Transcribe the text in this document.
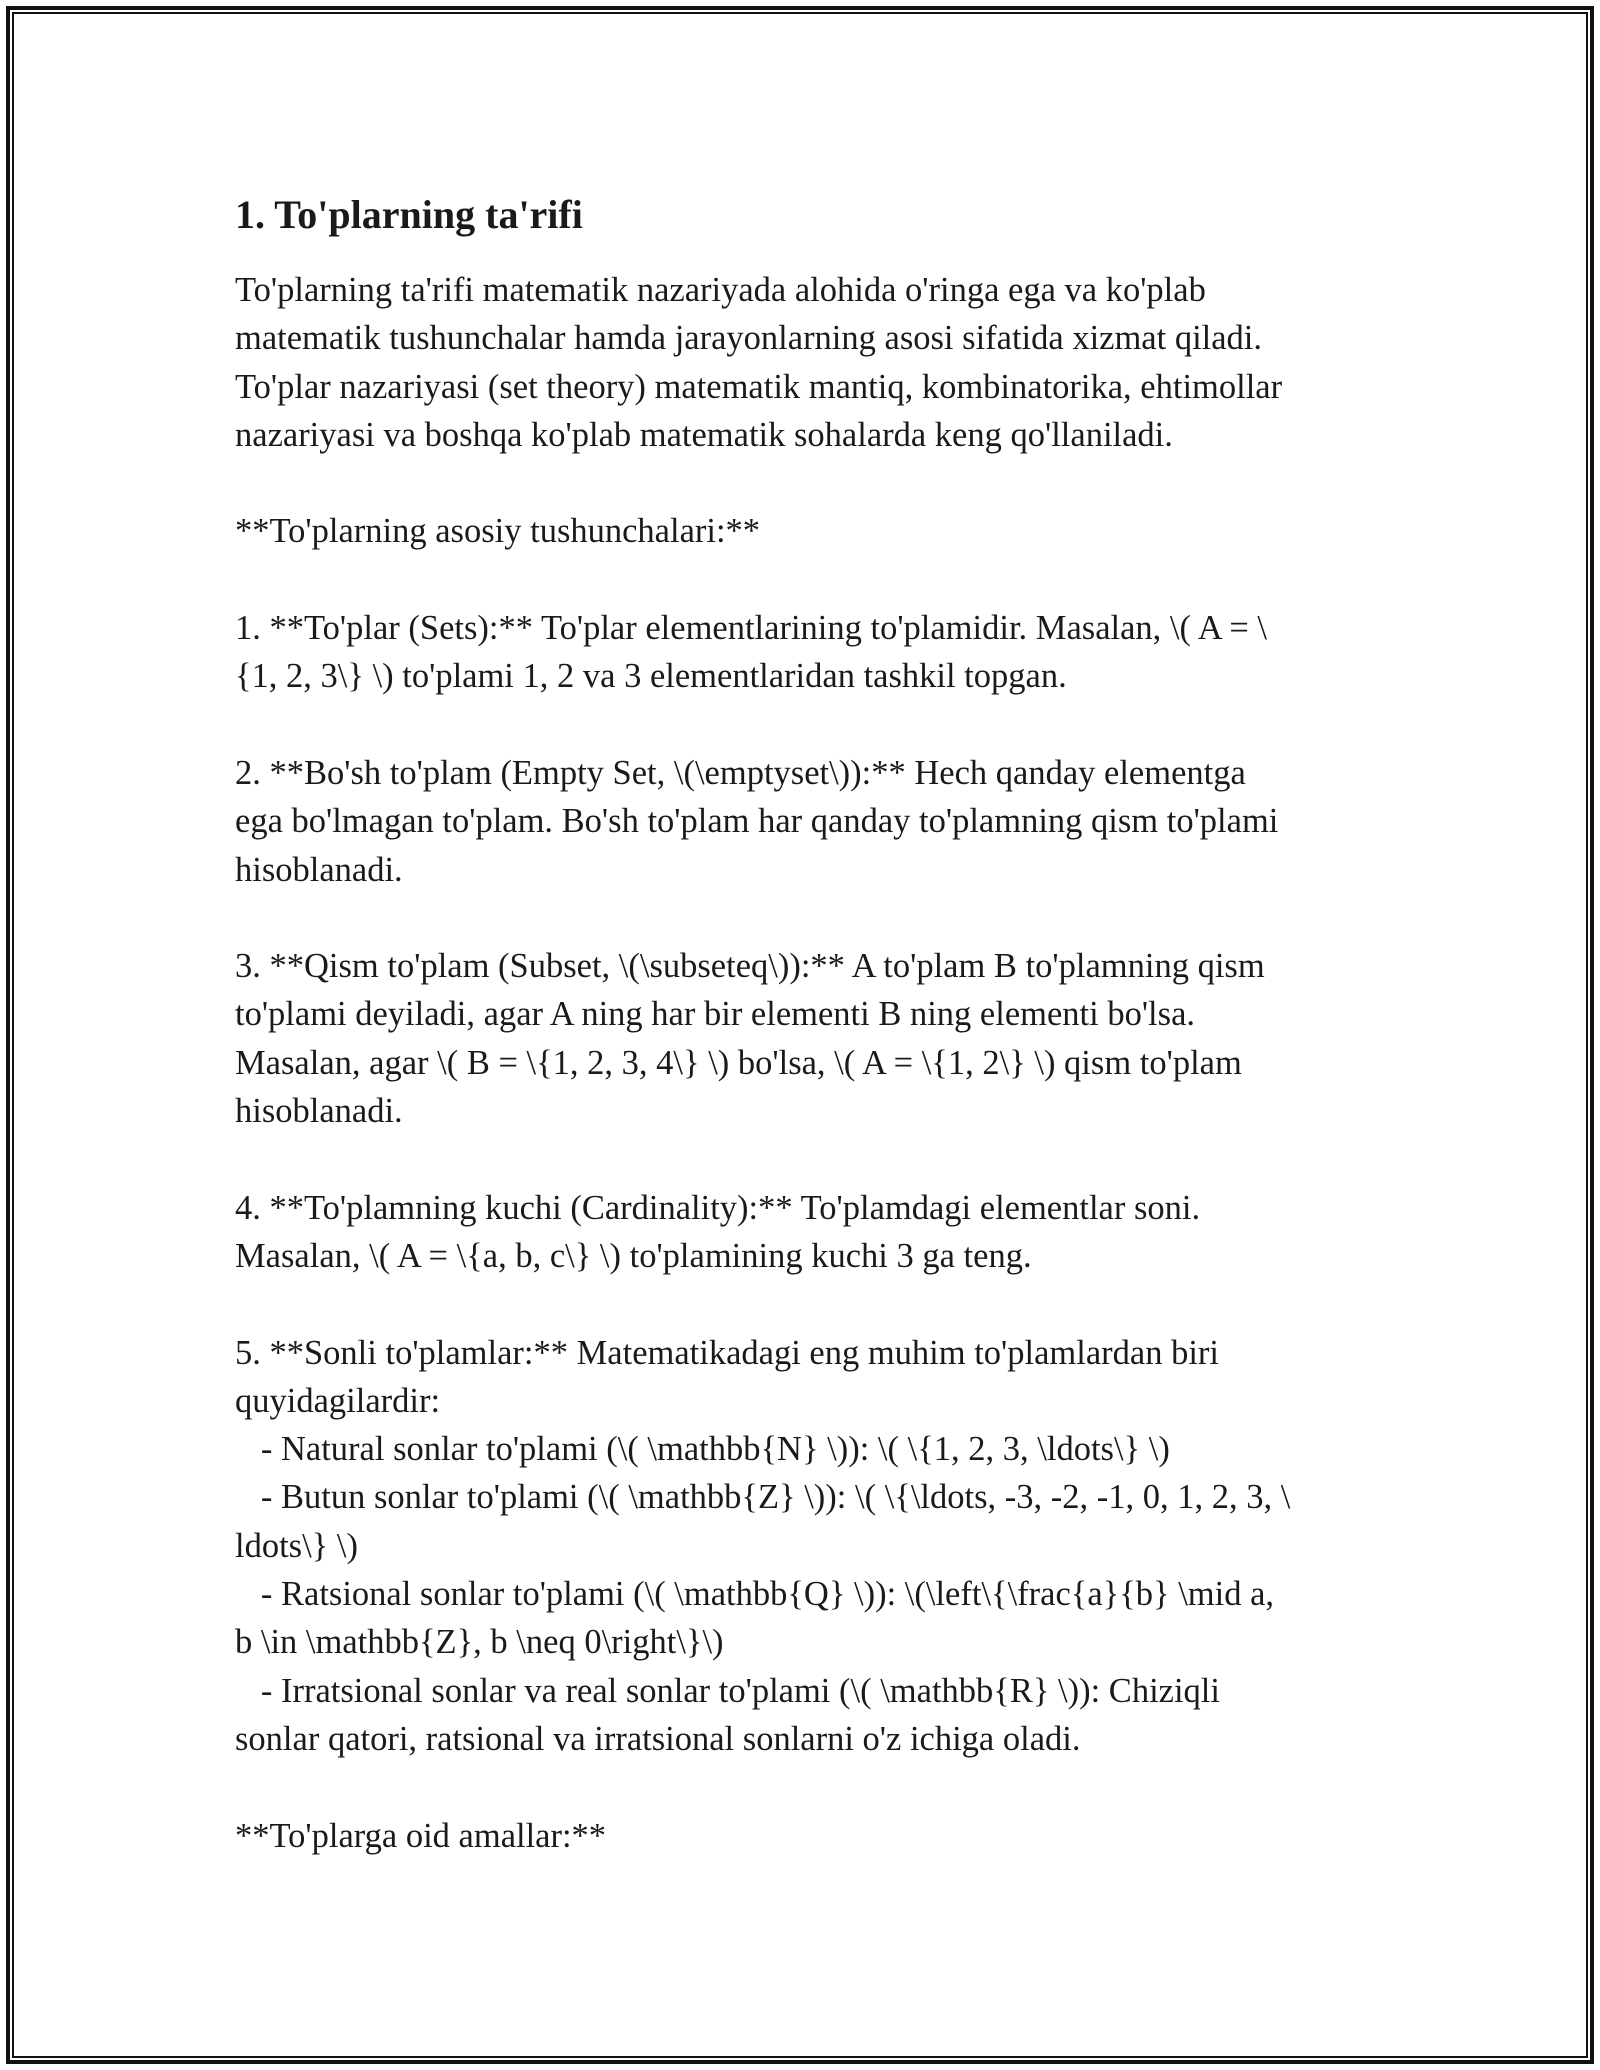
1. To'plarning ta'rifi
To'plarning ta'rifi matematik nazariyada alohida o'ringa ega va ko'plab
matematik tushunchalar hamda jarayonlarning asosi sifatida xizmat qiladi.
To'plar nazariyasi (set theory) matematik mantiq, kombinatorika, ehtimollar
nazariyasi va boshqa ko'plab matematik sohalarda keng qo'llaniladi.
**To'plarning asosiy tushunchalari:**
1. **To'plar (Sets):** To'plar elementlarining to'plamidir. Masalan, \( A = \
{1, 2, 3\} \) to'plami 1, 2 va 3 elementlaridan tashkil topgan.
2. **Bo'sh to'plam (Empty Set, \(\emptyset\)):** Hech qanday elementga
ega bo'lmagan to'plam. Bo'sh to'plam har qanday to'plamning qism to'plami
hisoblanadi.
3. **Qism to'plam (Subset, \(\subseteq\)):** A to'plam B to'plamning qism
to'plami deyiladi, agar A ning har bir elementi B ning elementi bo'lsa.
Masalan, agar \( B = \{1, 2, 3, 4\} \) bo'lsa, \( A = \{1, 2\} \) qism to'plam
hisoblanadi.
4. **To'plamning kuchi (Cardinality):** To'plamdagi elementlar soni.
Masalan, \( A = \{a, b, c\} \) to'plamining kuchi 3 ga teng.
5. **Sonli to'plamlar:** Matematikadagi eng muhim to'plamlardan biri
quyidagilardir:
- Natural sonlar to'plami (\( \mathbb{N} \)): \( \{1, 2, 3, \ldots\} \)
- Butun sonlar to'plami (\( \mathbb{Z} \)): \( \{\ldots, -3, -2, -1, 0, 1, 2, 3, \
ldots\} \)
- Ratsional sonlar to'plami (\( \mathbb{Q} \)): \(\left\{\frac{a}{b} \mid a,
b \in \mathbb{Z}, b \neq 0\right\}\)
- Irratsional sonlar va real sonlar to'plami (\( \mathbb{R} \)): Chiziqli
sonlar qatori, ratsional va irratsional sonlarni o'z ichiga oladi.
**To'plarga oid amallar:**
